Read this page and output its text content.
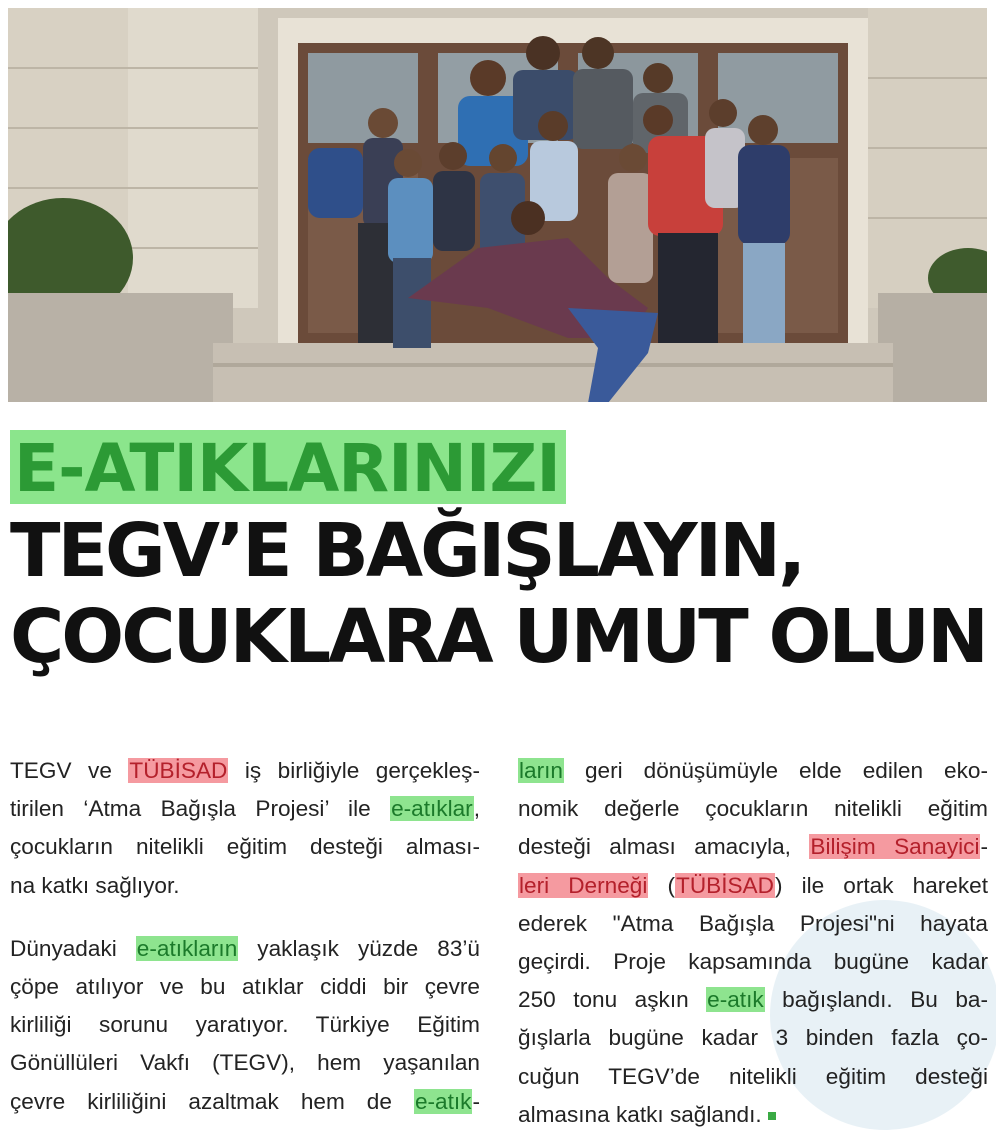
E-ATIKLARINIZI
TEGV’E BAĞIŞLAYIN,
ÇOCUKLARA UMUT OLUN

TEGV ve TÜBİSAD iş birliğiyle gerçekleş-
tirilen ‘Atma Bağışla Projesi’ ile e-atıklar,
çocukların nitelikli eğitim desteği alması-
na katkı sağlıyor.

Dünyadaki e-atıkların yaklaşık yüzde 83’ü
çöpe atılıyor ve bu atıklar ciddi bir çevre
kirliliği sorunu yaratıyor. Türkiye Eğitim
Gönüllüleri Vakfı (TEGV), hem yaşanılan
çevre kirliliğini azaltmak hem de e-atık-

ların geri dönüşümüyle elde edilen eko-
nomik değerle çocukların nitelikli eğitim
desteği alması amacıyla, Bilişim Sanayici-
leri Derneği (TÜBİSAD) ile ortak hareket
ederek "Atma Bağışla Projesi"ni hayata
geçirdi. Proje kapsamında bugüne kadar
250 tonu aşkın e-atık bağışlandı. Bu ba-
ğışlarla bugüne kadar 3 binden fazla ço-
cuğun TEGV’de nitelikli eğitim desteği
almasına katkı sağlandı.
